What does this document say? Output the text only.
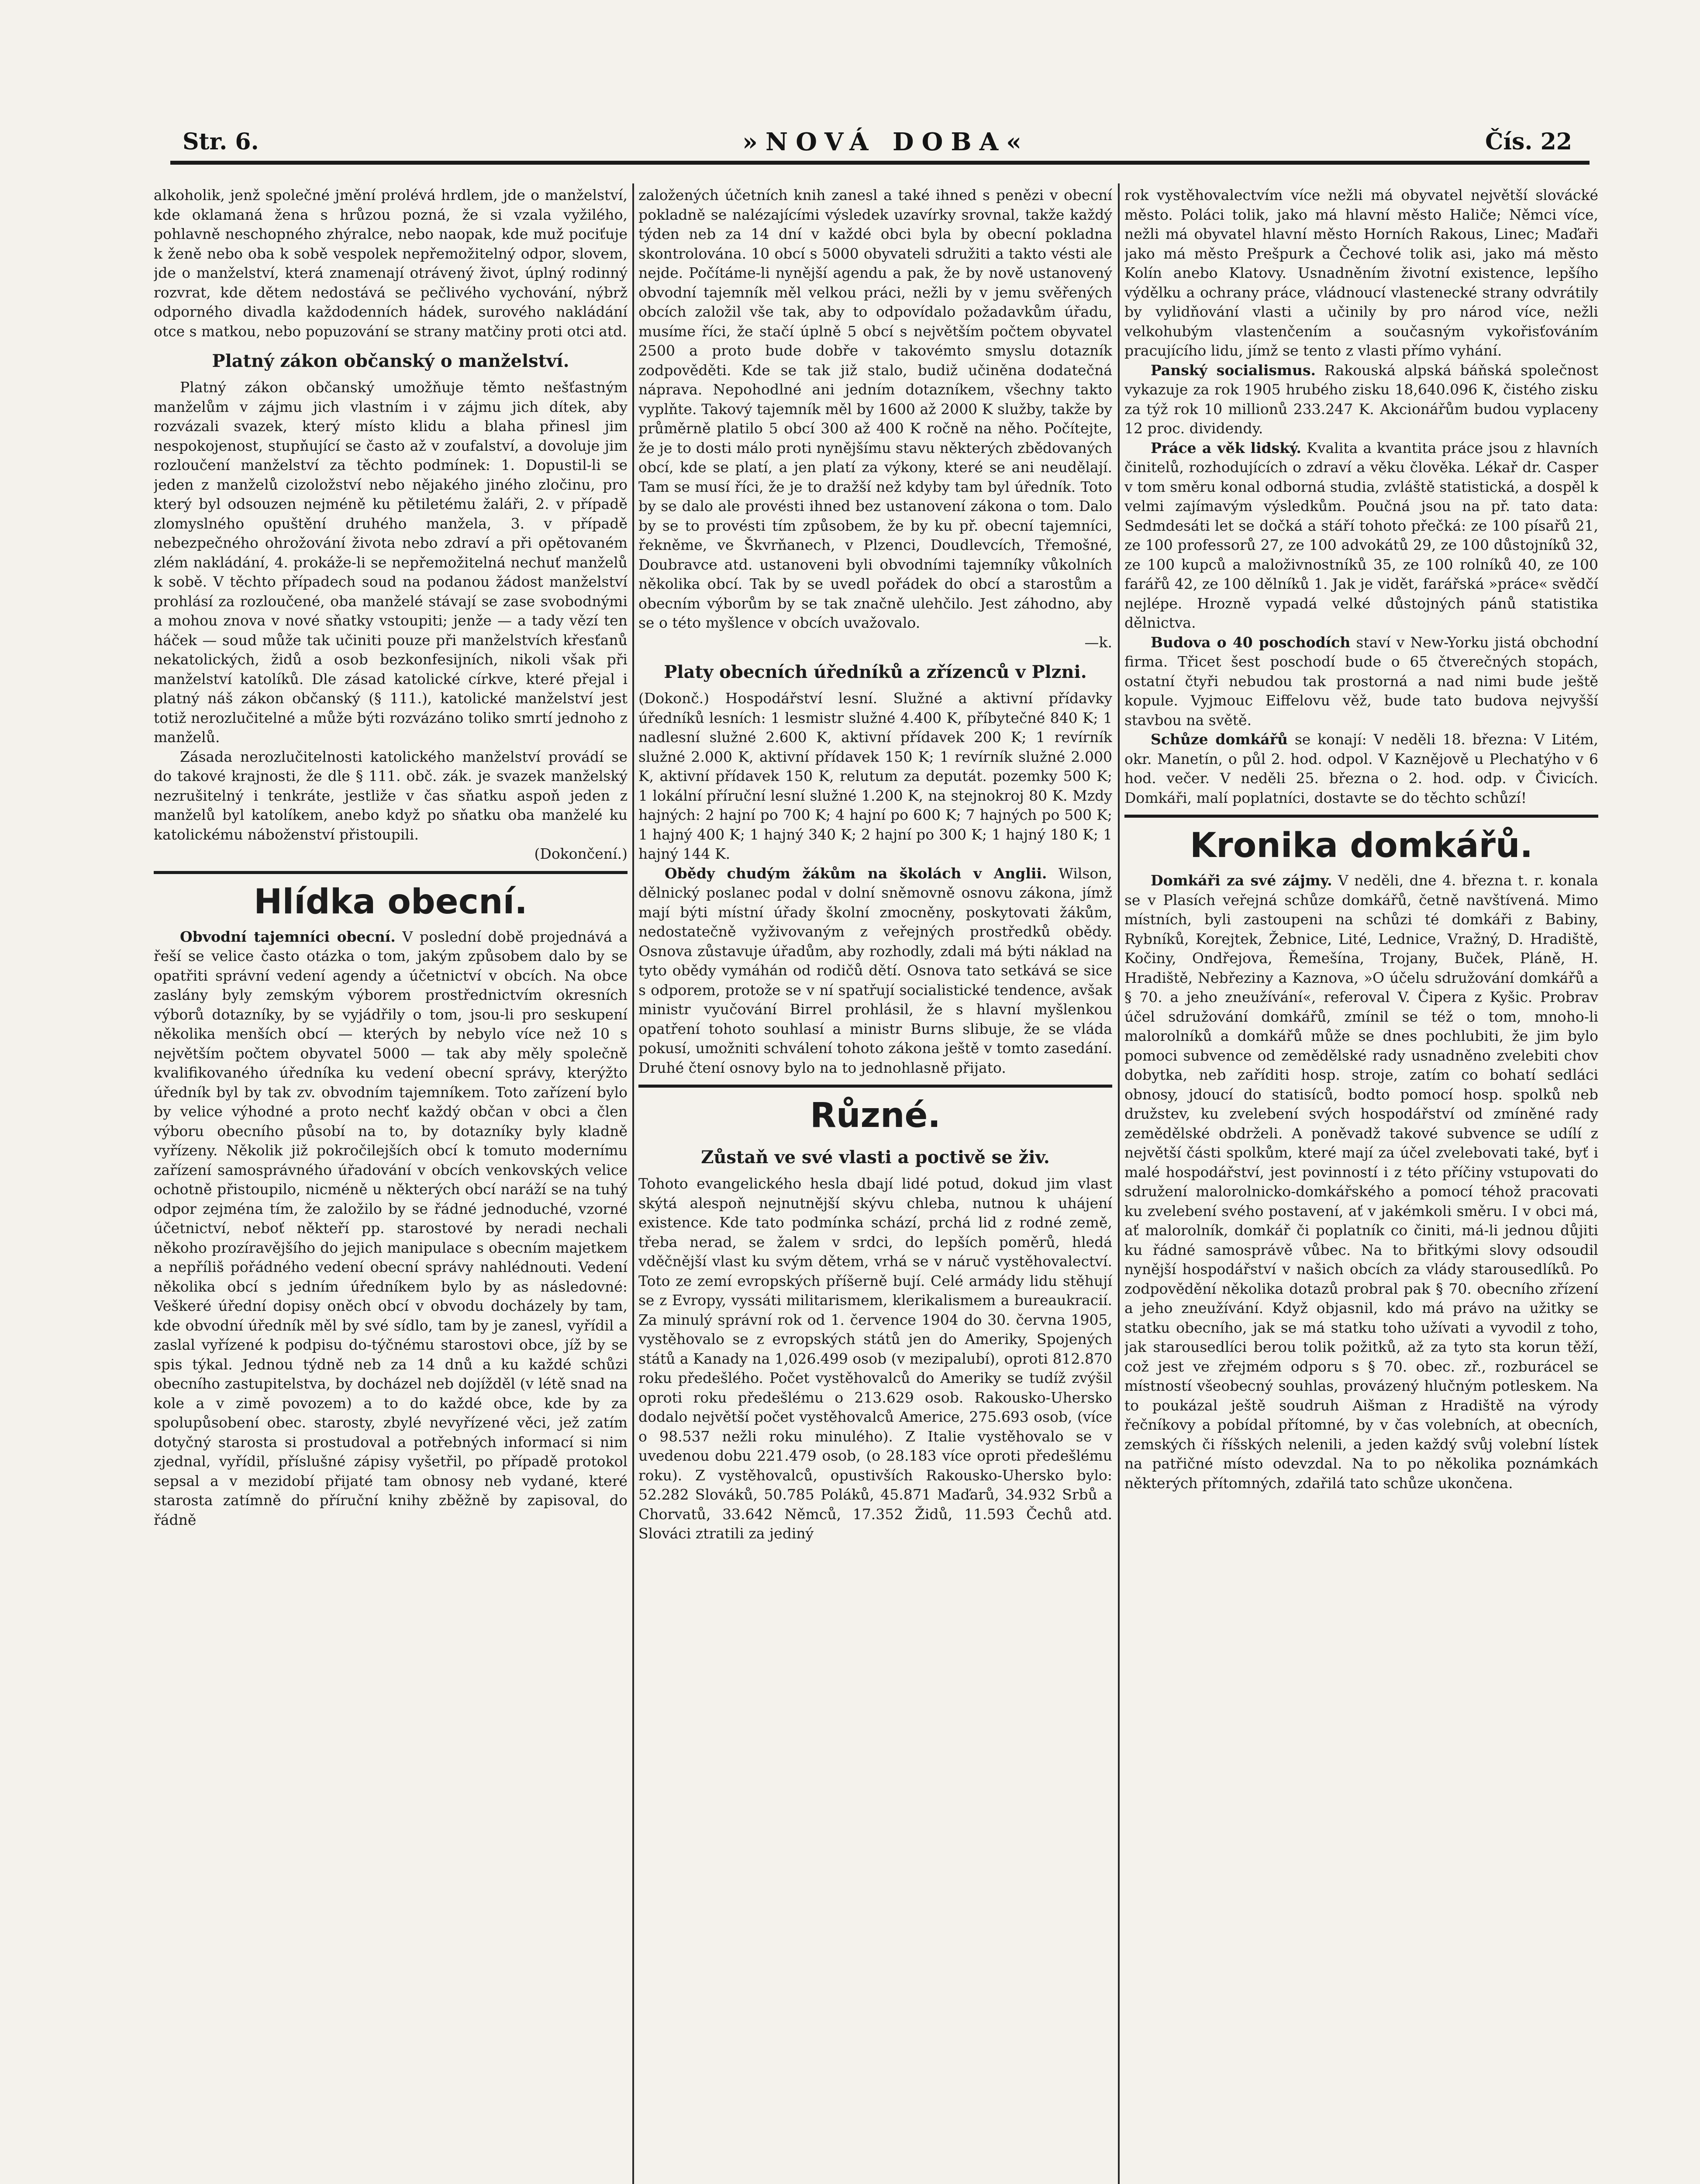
Str. 6.	»NOVÁ DOBA«	Čís. 22

alkoholik, jenž společné jmění prolévá hrdlem, jde o manželství, kde oklamaná žena s hrůzou pozná, že si vzala vyžilého, pohlavně neschopného zhýralce, nebo naopak, kde muž pociťuje k ženě nebo oba k sobě vespolek nepřemožitelný odpor, slovem, jde o manželství, která znamenají otrávený život, úplný rodinný rozvrat, kde dětem nedostává se pečlivého vychování, nýbrž odporného divadla každodenních hádek, surového nakládání otce s matkou, nebo popuzování se strany matčiny proti otci atd.

Platný zákon občanský o manželství.

Platný zákon občanský umožňuje těmto nešťastným manželům v zájmu jich vlastním i v zájmu jich dítek, aby rozvázali svazek, který místo klidu a blaha přinesl jim nespokojenost, stupňující se často až v zoufalství, a dovoluje jim rozloučení manželství za těchto podmínek: 1. Dopustil-li se jeden z manželů cizoložství nebo nějakého jiného zločinu, pro který byl odsouzen nejméně ku pětiletému žaláři, 2. v případě zlomyslného opuštění druhého manžela, 3. v případě nebezpečného ohrožování života nebo zdraví a při opětovaném zlém nakládání, 4. prokáže-li se nepřemožitelná nechuť manželů k sobě. V těchto případech soud na podanou žádost manželství prohlásí za rozloučené, oba manželé stávají se zase svobodnými a mohou znova v nové sňatky vstoupiti; jenže — a tady vězí ten háček — soud může tak učiniti pouze při manželstvích křesťanů nekatolických, židů a osob bezkonfesijních, nikoli však při manželství katolíků. Dle zásad katolické církve, které přejal i platný náš zákon občanský (§ 111.), katolické manželství jest totiž nerozlučitelné a může býti rozvázáno toliko smrtí jednoho z manželů.

Zásada nerozlučitelnosti katolického manželství provádí se do takové krajnosti, že dle § 111. obč. zák. je svazek manželský nezrušitelný i tenkráte, jestliže v čas sňatku aspoň jeden z manželů byl katolíkem, anebo když po sňatku oba manželé ku katolickému náboženství přistoupili.

(Dokončení.)
Hlídka obecní.

Obvodní tajemníci obecní. V poslední době projednává a řeší se velice často otázka o tom, jakým způsobem dalo by se opatřiti správní vedení agendy a účetnictví v obcích. Na obce zaslány byly zemským výborem prostřednictvím okresních výborů dotazníky, by se vyjádřily o tom, jsou-li pro seskupení několika menších obcí — kterých by nebylo více než 10 s největším počtem obyvatel 5000 — tak aby měly společně kvalifikovaného úředníka ku vedení obecní správy, kterýžto úředník byl by tak zv. obvodním tajemníkem. Toto zařízení bylo by velice výhodné a proto nechť každý občan v obci a člen výboru obecního působí na to, by dotazníky byly kladně vyřízeny. Několik již pokročilejších obcí k tomuto modernímu zařízení samosprávného úřadování v obcích venkovských velice ochotně přistoupilo, nicméně u některých obcí naráží se na tuhý odpor zejména tím, že založilo by se řádné jednoduché, vzorné účetnictví, neboť někteří pp. starostové by neradi nechali někoho prozíravějšího do jejich manipulace s obecním majetkem a nepříliš pořádného vedení obecní správy nahlédnouti. Vedení několika obcí s jedním úředníkem bylo by as následovné: Veškeré úřední dopisy oněch obcí v obvodu docházely by tam, kde obvodní úředník měl by své sídlo, tam by je zanesl, vyřídil a zaslal vyřízené k podpisu do-týčnému starostovi obce, jíž by se spis týkal. Jednou týdně neb za 14 dnů a ku každé schůzi obecního zastupitelstva, by docházel neb dojížděl (v létě snad na kole a v zimě povozem) a to do každé obce, kde by za spolupůsobení obec. starosty, zbylé nevyřízené věci, jež zatím dotyčný starosta si prostudoval a potřebných informací si nim zjednal, vyřídil, příslušné zápisy vyšetřil, po případě protokol sepsal a v mezidobí přijaté tam obnosy neb vydané, které starosta zatímně do příruční knihy zběžně by zapisoval, do řádně

založených účetních knih zanesl a také ihned s penězi v obecní pokladně se nalézajícími výsledek uzavírky srovnal, takže každý týden neb za 14 dní v každé obci byla by obecní pokladna skontrolována. 10 obcí s 5000 obyvateli sdružiti a takto vésti ale nejde. Počítáme-li nynější agendu a pak, že by nově ustanovený obvodní tajemník měl velkou práci, nežli by v jemu svěřených obcích založil vše tak, aby to odpovídalo požadavkům úřadu, musíme říci, že stačí úplně 5 obcí s největším počtem obyvatel 2500 a proto bude dobře v takovémto smyslu dotazník zodpověděti. Kde se tak již stalo, budiž učiněna dodatečná náprava. Nepohodlné ani jedním dotazníkem, všechny takto vyplňte. Takový tajemník měl by 1600 až 2000 K služby, takže by průměrně platilo 5 obcí 300 až 400 K ročně na něho. Počítejte, že je to dosti málo proti nynějšímu stavu některých zbědovaných obcí, kde se platí, a jen platí za výkony, které se ani neudělají. Tam se musí říci, že je to dražší než kdyby tam byl úředník. Toto by se dalo ale provésti ihned bez ustanovení zákona o tom. Dalo by se to provésti tím způsobem, že by ku př. obecní tajemníci, řekněme, ve Škvrňanech, v Plzenci, Doudlevcích, Třemošné, Doubravce atd. ustanoveni byli obvodními tajemníky vůkolních několika obcí. Tak by se uvedl pořádek do obcí a starostům a obecním výborům by se tak značně ulehčilo. Jest záhodno, aby se o této myšlence v obcích uvažovalo.

—k.
Platy obecních úředníků a zřízenců v Plzni.

(Dokonč.) Hospodářství lesní. Služné a aktivní přídavky úředníků lesních: 1 lesmistr služné 4.400 K, příbytečné 840 K; 1 nadlesní služné 2.600 K, aktivní přídavek 200 K; 1 revírník služné 2.000 K, aktivní přídavek 150 K; 1 revírník služné 2.000 K, aktivní přídavek 150 K, relutum za deputát. pozemky 500 K; 1 lokální příruční lesní služné 1.200 K, na stejnokroj 80 K. Mzdy hajných: 2 hajní po 700 K; 4 hajní po 600 K; 7 hajných po 500 K; 1 hajný 400 K; 1 hajný 340 K; 2 hajní po 300 K; 1 hajný 180 K; 1 hajný 144 K.

Obědy chudým žákům na školách v Anglii. Wilson, dělnický poslanec podal v dolní sněmovně osnovu zákona, jímž mají býti místní úřady školní zmocněny, poskytovati žákům, nedostatečně vyživovaným z veřejných prostředků obědy. Osnova zůstavuje úřadům, aby rozhodly, zdali má býti náklad na tyto obědy vymáhán od rodičů dětí. Osnova tato setkává se sice s odporem, protože se v ní spatřují socialistické tendence, avšak ministr vyučování Birrel prohlásil, že s hlavní myšlenkou opatření tohoto souhlasí a ministr Burns slibuje, že se vláda pokusí, umožniti schválení tohoto zákona ještě v tomto zasedání. Druhé čtení osnovy bylo na to jednohlasně přijato.

Různé.
Zůstaň ve své vlasti a poctivě se živ.

Tohoto evangelického hesla dbají lidé potud, dokud jim vlast skýtá alespoň nejnutnější skývu chleba, nutnou k uhájení existence. Kde tato podmínka schází, prchá lid z rodné země, třeba nerad, se žalem v srdci, do lepších poměrů, hledá vděčnější vlast ku svým dětem, vrhá se v náruč vystěhovalectví. Toto ze zemí evropských příšerně bují. Celé armády lidu stěhují se z Evropy, vyssáti militarismem, klerikalismem a bureaukracií. Za minulý správní rok od 1. července 1904 do 30. června 1905, vystěhovalo se z evropských států jen do Ameriky, Spojených států a Kanady na 1,026.499 osob (v mezipalubí), oproti 812.870 roku předešlého. Počet vystěhovalců do Ameriky se tudíž zvýšil oproti roku předešlému o 213.629 osob. Rakousko-Uhersko dodalo největší počet vystěhovalců Americe, 275.693 osob, (více o 98.537 nežli roku minulého). Z Italie vystěhovalo se v uvedenou dobu 221.479 osob, (o 28.183 více oproti předešlému roku). Z vystěhovalců, opustivších Rakousko-Uhersko bylo: 52.282 Slováků, 50.785 Poláků, 45.871 Maďarů, 34.932 Srbů a Chorvatů, 33.642 Němců, 17.352 Židů, 11.593 Čechů atd. Slováci ztratili za jediný

rok vystěhovalectvím více nežli má obyvatel největší slovácké město. Poláci tolik, jako má hlavní město Haliče; Němci více, nežli má obyvatel hlavní město Horních Rakous, Linec; Maďaři jako má město Prešpurk a Čechové tolik asi, jako má město Kolín anebo Klatovy. Usnadněním životní existence, lepšího výdělku a ochrany práce, vládnoucí vlastenecké strany odvrátily by vylidňování vlasti a učinily by pro národ více, nežli velkohubým vlastenčením a současným vykořisťováním pracujícího lidu, jímž se tento z vlasti přímo vyhání.

Panský socialismus. Rakouská alpská báňská společnost vykazuje za rok 1905 hrubého zisku 18,640.096 K, čistého zisku za týž rok 10 millionů 233.247 K. Akcionářům budou vyplaceny 12 proc. dividendy.

Práce a věk lidský. Kvalita a kvantita práce jsou z hlavních činitelů, rozhodujících o zdraví a věku člověka. Lékař dr. Casper v tom směru konal odborná studia, zvláště statistická, a dospěl k velmi zajímavým výsledkům. Poučná jsou na př. tato data: Sedmdesáti let se dočká a stáří tohoto přečká: ze 100 písařů 21, ze 100 professorů 27, ze 100 advokátů 29, ze 100 důstojníků 32, ze 100 kupců a maloživnostníků 35, ze 100 rolníků 40, ze 100 farářů 42, ze 100 dělníků 1. Jak je vidět, farářská »práce« svědčí nejlépe. Hrozně vypadá velké důstojných pánů statistika dělnictva.

Budova o 40 poschodích staví v New-Yorku jistá obchodní firma. Třicet šest poschodí bude o 65 čtverečných stopách, ostatní čtyři nebudou tak prostorná a nad nimi bude ještě kopule. Vyjmouc Eiffelovu věž, bude tato budova nejvyšší stavbou na světě.

Schůze domkářů se konají: V neděli 18. března: V Litém, okr. Manetín, o půl 2. hod. odpol. V Kaznějově u Plechatýho v 6 hod. večer. V neděli 25. března o 2. hod. odp. v Čivicích. Domkáři, malí poplatníci, dostavte se do těchto schůzí!

Kronika domkářů.

Domkáři za své zájmy. V neděli, dne 4. března t. r. konala se v Plasích veřejná schůze domkářů, četně navštívená. Mimo místních, byli zastoupeni na schůzi té domkáři z Babiny, Rybníků, Korejtek, Žebnice, Lité, Lednice, Vražný, D. Hradiště, Kočiny, Ondřejova, Řemešína, Trojany, Buček, Pláně, H. Hradiště, Nebřeziny a Kaznova, »O účelu sdružování domkářů a § 70. a jeho zneužívání«, referoval V. Čipera z Kyšic. Probrav účel sdružování domkářů, zmínil se též o tom, mnoho-li malorolníků a domkářů může se dnes pochlubiti, že jim bylo pomoci subvence od zemědělské rady usnadněno zvelebiti chov dobytka, neb zaříditi hosp. stroje, zatím co bohatí sedláci obnosy, jdoucí do statisíců, bodto pomocí hosp. spolků neb družstev, ku zvelebení svých hospodářství od zmíněné rady zemědělské obdrželi. A poněvadž takové subvence se udílí z největší části spolkům, které mají za účel zvelebovati také, byť i malé hospodářství, jest povinností i z této příčiny vstupovati do sdružení malorolnicko-domkářského a pomocí téhož pracovati ku zvelebení svého postavení, ať v jakémkoli směru. I v obci má, ať malorolník, domkář či poplatník co činiti, má-li jednou důjiti ku řádné samosprávě vůbec. Na to břitkými slovy odsoudil nynější hospodářství v našich obcích za vlády starousedlíků. Po zodpovědění několika dotazů probral pak § 70. obecního zřízení a jeho zneužívání. Když objasnil, kdo má právo na užitky se statku obecního, jak se má statku toho užívati a vyvodil z toho, jak starousedlíci berou tolik požitků, až za tyto sta korun těží, což jest ve zřejmém odporu s § 70. obec. zř., rozburácel se místností všeobecný souhlas, provázený hlučným potleskem. Na to poukázal ještě soudruh Aišman z Hradiště na výrody řečníkovy a pobídal přítomné, by v čas volebních, at obecních, zemských či říšských nelenili, a jeden každý svůj volební lístek na patřičné místo odevzdal. Na to po několika poznámkách některých přítomných, zdařilá tato schůze ukončena.
